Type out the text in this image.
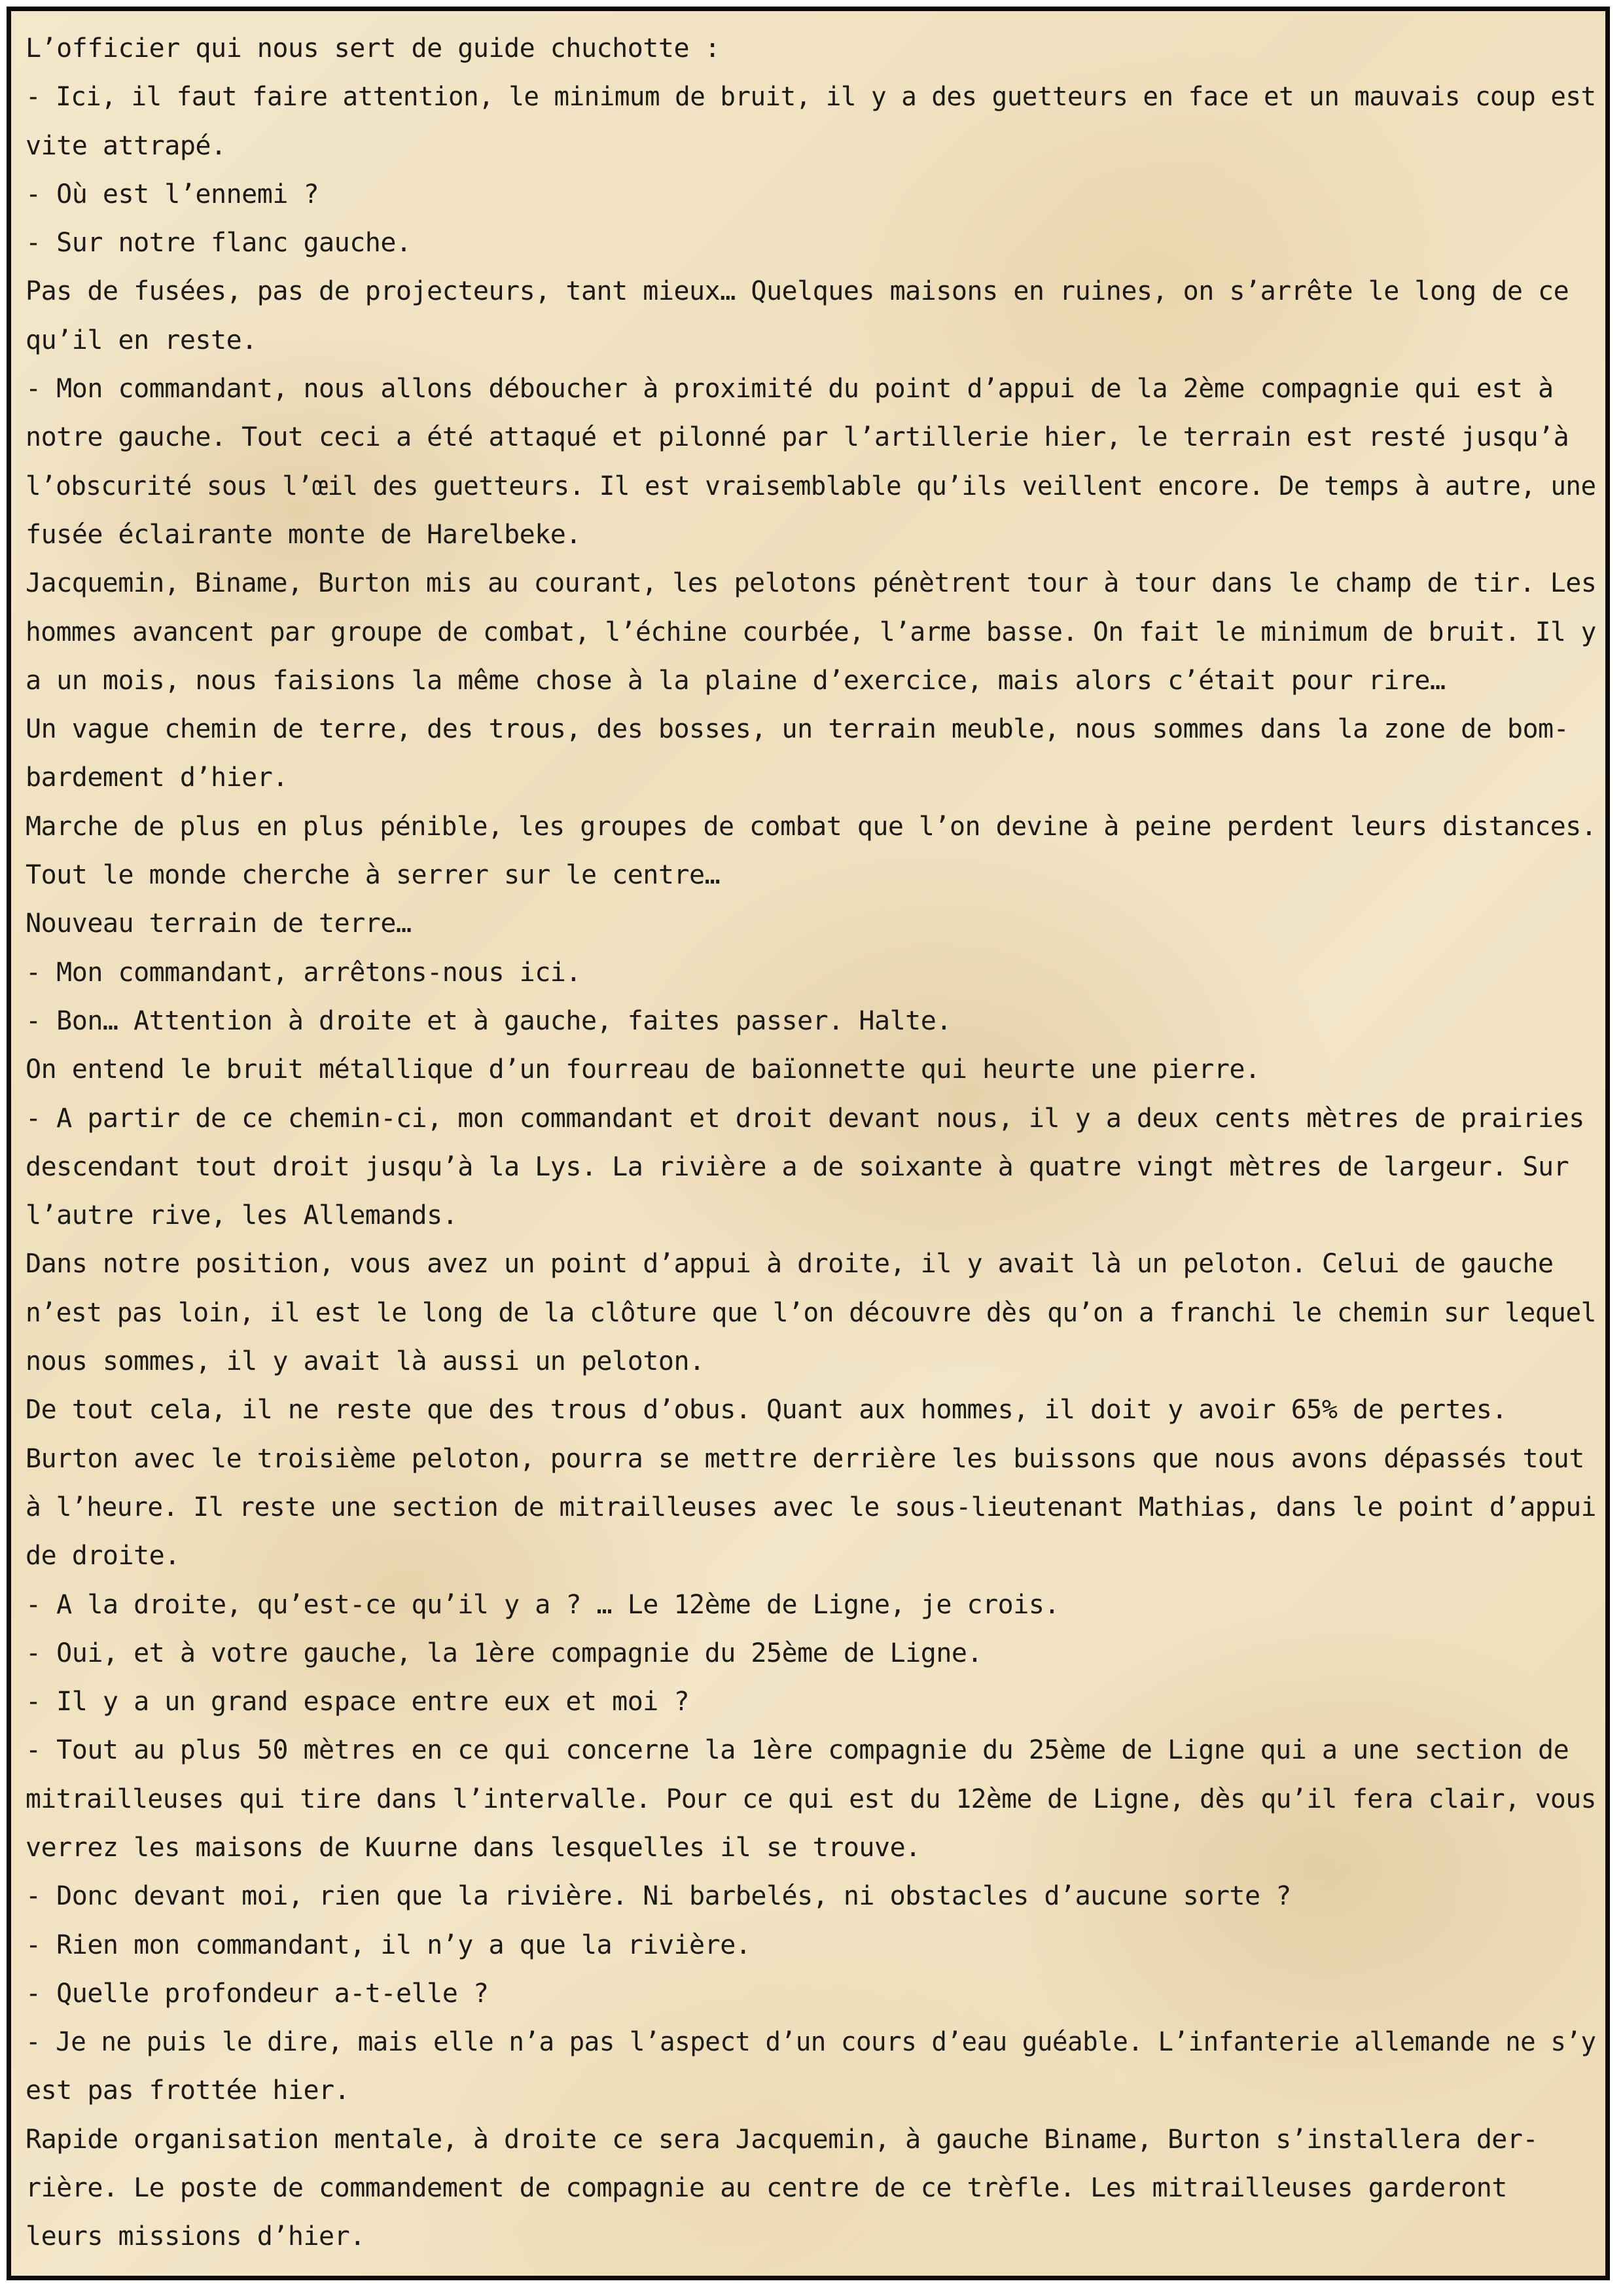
L’officier qui nous sert de guide chuchotte :
- Ici, il faut faire attention, le minimum de bruit, il y a des guetteurs en face et un mauvais coup est
vite attrapé.
- Où est l’ennemi ?
- Sur notre flanc gauche.
Pas de fusées, pas de projecteurs, tant mieux… Quelques maisons en ruines, on s’arrête le long de ce
qu’il en reste.
- Mon commandant, nous allons déboucher à proximité du point d’appui de la 2ème compagnie qui est à
notre gauche. Tout ceci a été attaqué et pilonné par l’artillerie hier, le terrain est resté jusqu’à
l’obscurité sous l’œil des guetteurs. Il est vraisemblable qu’ils veillent encore. De temps à autre, une
fusée éclairante monte de Harelbeke.
Jacquemin, Biname, Burton mis au courant, les pelotons pénètrent tour à tour dans le champ de tir. Les
hommes avancent par groupe de combat, l’échine courbée, l’arme basse. On fait le minimum de bruit. Il y
a un mois, nous faisions la même chose à la plaine d’exercice, mais alors c’était pour rire…
Un vague chemin de terre, des trous, des bosses, un terrain meuble, nous sommes dans la zone de bom-
bardement d’hier.
Marche de plus en plus pénible, les groupes de combat que l’on devine à peine perdent leurs distances.
Tout le monde cherche à serrer sur le centre…
Nouveau terrain de terre…
- Mon commandant, arrêtons-nous ici.
- Bon… Attention à droite et à gauche, faites passer. Halte.
On entend le bruit métallique d’un fourreau de baïonnette qui heurte une pierre.
- A partir de ce chemin-ci, mon commandant et droit devant nous, il y a deux cents mètres de prairies
descendant tout droit jusqu’à la Lys. La rivière a de soixante à quatre vingt mètres de largeur. Sur
l’autre rive, les Allemands.
Dans notre position, vous avez un point d’appui à droite, il y avait là un peloton. Celui de gauche
n’est pas loin, il est le long de la clôture que l’on découvre dès qu’on a franchi le chemin sur lequel
nous sommes, il y avait là aussi un peloton.
De tout cela, il ne reste que des trous d’obus. Quant aux hommes, il doit y avoir 65% de pertes.
Burton avec le troisième peloton, pourra se mettre derrière les buissons que nous avons dépassés tout
à l’heure. Il reste une section de mitrailleuses avec le sous-lieutenant Mathias, dans le point d’appui
de droite.
- A la droite, qu’est-ce qu’il y a ? … Le 12ème de Ligne, je crois.
- Oui, et à votre gauche, la 1ère compagnie du 25ème de Ligne.
- Il y a un grand espace entre eux et moi ?
- Tout au plus 50 mètres en ce qui concerne la 1ère compagnie du 25ème de Ligne qui a une section de
mitrailleuses qui tire dans l’intervalle. Pour ce qui est du 12ème de Ligne, dès qu’il fera clair, vous
verrez les maisons de Kuurne dans lesquelles il se trouve.
- Donc devant moi, rien que la rivière. Ni barbelés, ni obstacles d’aucune sorte ?
- Rien mon commandant, il n’y a que la rivière.
- Quelle profondeur a-t-elle ?
- Je ne puis le dire, mais elle n’a pas l’aspect d’un cours d’eau guéable. L’infanterie allemande ne s’y
est pas frottée hier.
Rapide organisation mentale, à droite ce sera Jacquemin, à gauche Biname, Burton s’installera der-
rière. Le poste de commandement de compagnie au centre de ce trèfle. Les mitrailleuses garderont
leurs missions d’hier.
